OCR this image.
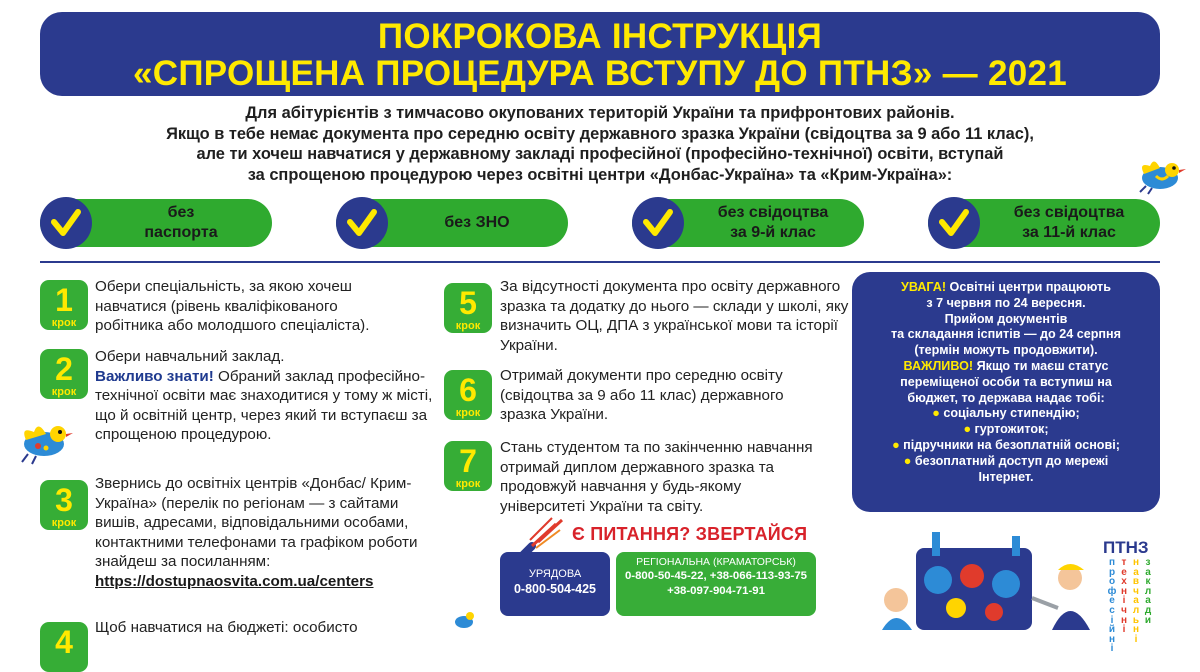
ПОКРОКОВА ІНСТРУКЦІЯ
«СПРОЩЕНА ПРОЦЕДУРА ВСТУПУ ДО ПТНЗ» — 2021
Для абітурієнтів з тимчасово окупованих територій України та прифронтових районів.
Якщо в тебе немає документа про середню освіту державного зразка України (свідоцтва за 9 або 11 клас),
але ти хочеш навчатися у державному закладі професійної (професійно-технічної) освіти, вступай
за спрощеною процедурою через освітні центри «Донбас-Україна» та «Крим-Україна»:
без
паспорта
без ЗНО
без свідоцтва
за 9-й клас
без свідоцтва
за 11-й клас
1
крок
Обери спеціальність, за якою хочеш навчатися (рівень кваліфікованого робітника або молодшого спеціаліста).
2
крок
Обери навчальний заклад.
Важливо знати! Обраний заклад професійно-технічної освіти має знаходитися у тому ж місті, що й освітній центр, через який ти вступаєш за спрощеною процедурою.
3
крок
Звернись до освітніх центрів «Донбас/ Крим-Україна» (перелік по регіонам — з сайтами вишів, адресами, відповідальними особами, контактними телефонами та графіком роботи знайдеш за посиланням:
https://dostupnaosvita.com.ua/centers
4	Щоб навчатися на бюджеті: особисто
5
крок
За відсутності документа про освіту державного зразка та додатку до нього — склади у школі, яку визначить ОЦ, ДПА з української мови та історії України.
6
крок
Отримай документи про середню освіту (свідоцтва за 9 або 11 клас) державного зразка України.
7
крок
Стань студентом та по закінченню навчання отримай диплом державного зразка та продовжуй навчання у будь-якому університеті України та світу.
УВАГА! Освітні центри працюють
з 7 червня по 24 вересня.
Прийом документів
та складання іспитів — до 24 серпня
(термін можуть продовжити).
ВАЖЛИВО! Якщо ти маєш статус
переміщеної особи та вступиш на
бюджет, то держава надає тобі:
● соціальну стипендію;
● гуртожиток;
● підручники на безоплатній основі;
● безоплатний доступ до мережі
Інтернет.
Є ПИТАННЯ? ЗВЕРТАЙСЯ
УРЯДОВА
0-800-504-425
РЕГІОНАЛЬНА (КРАМАТОРСЬК)
0-800-50-45-22, +38-066-113-93-75
+38-097-904-71-91
ПТНЗ
п
р
о
ф
е
с
і
й
н
і
т
е
х
н
і
ч
н
і
н
а
в
ч
а
л
ь
н
і
з
а
к
л
а
д
и
